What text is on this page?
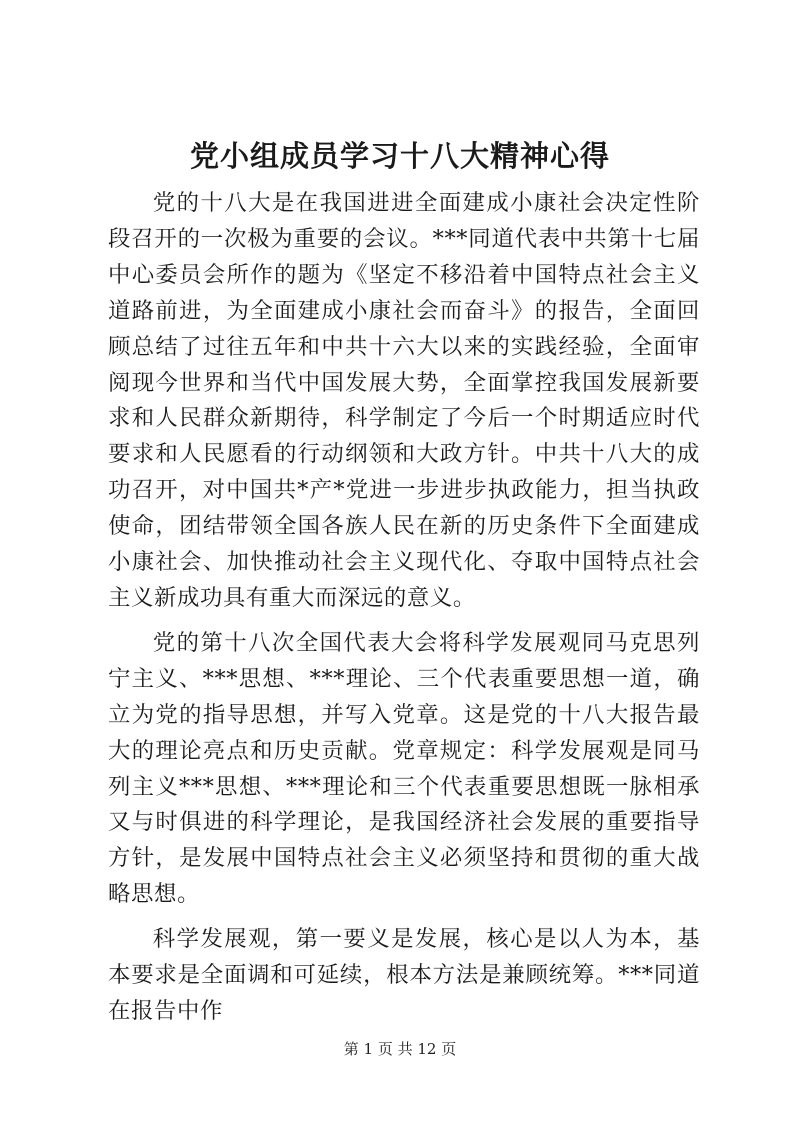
党小组成员学习十八大精神心得

党的十八大是在我国进进全面建成小康社会决定性阶段召开的一次极为重要的会议。***同道代表中共第十七届中心委员会所作的题为《坚定不移沿着中国特点社会主义道路前进，为全面建成小康社会而奋斗》的报告，全面回顾总结了过往五年和中共十六大以来的实践经验，全面审阅现今世界和当代中国发展大势，全面掌控我国发展新要求和人民群众新期待，科学制定了今后一个时期适应时代要求和人民愿看的行动纲领和大政方针。中共十八大的成功召开，对中国共*产*党进一步进步执政能力，担当执政使命，团结带领全国各族人民在新的历史条件下全面建成小康社会、加快推动社会主义现代化、夺取中国特点社会主义新成功具有重大而深远的意义。

党的第十八次全国代表大会将科学发展观同马克思列宁主义、***思想、***理论、三个代表重要思想一道，确立为党的指导思想，并写入党章。这是党的十八大报告最大的理论亮点和历史贡献。党章规定：科学发展观是同马列主义***思想、***理论和三个代表重要思想既一脉相承又与时俱进的科学理论，是我国经济社会发展的重要指导方针，是发展中国特点社会主义必须坚持和贯彻的重大战略思想。

科学发展观，第一要义是发展，核心是以人为本，基本要求是全面调和可延续，根本方法是兼顾统筹。***同道在报告中作

第 1 页 共 12 页
